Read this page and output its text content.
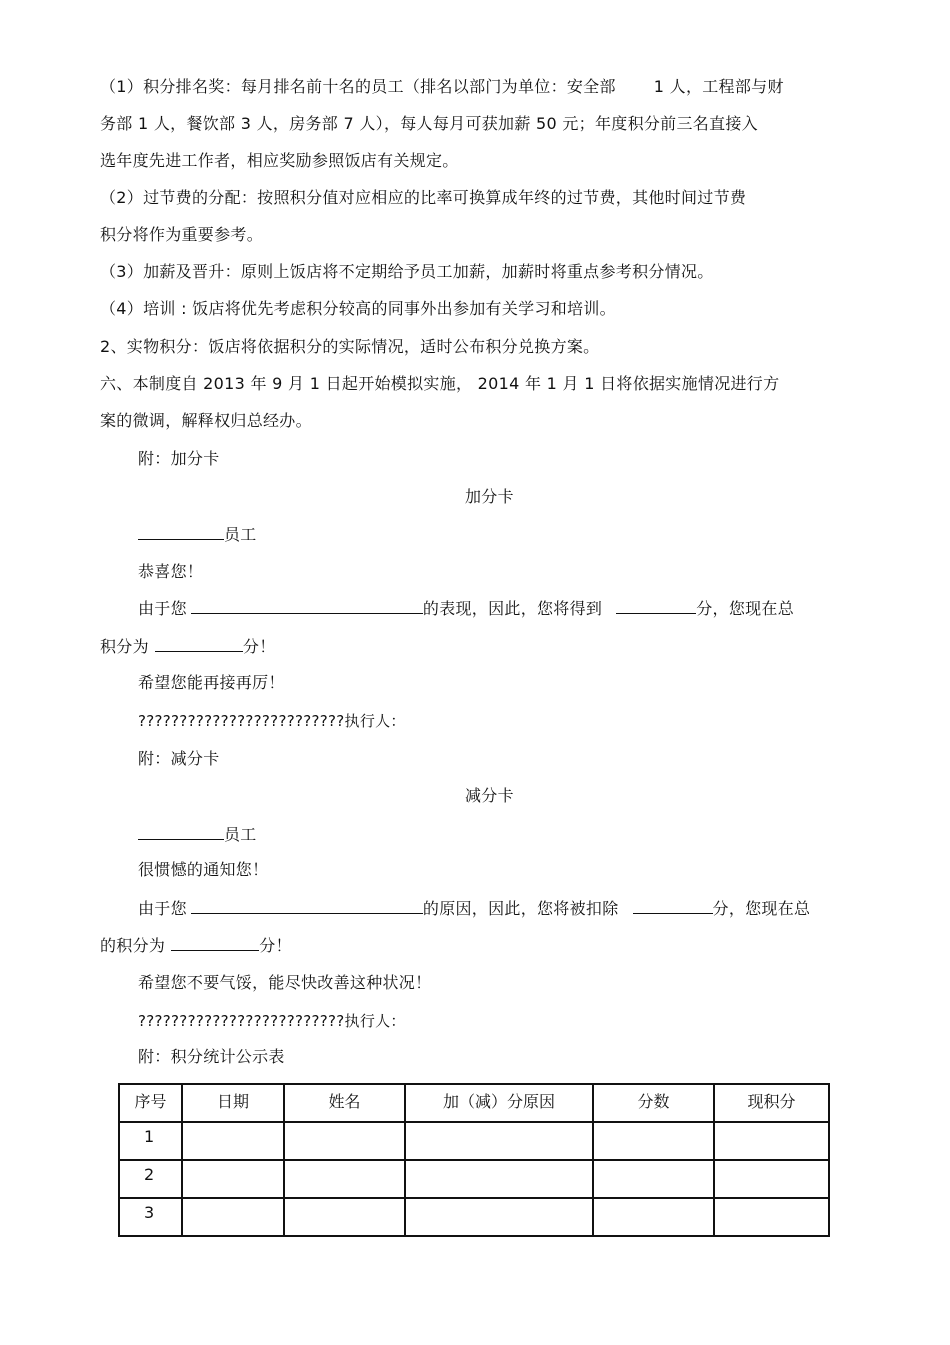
（1）积分排名奖：每月排名前十名的员工（排名以部门为单位：安全部 1 人，工程部与财
务部 1 人，餐饮部 3 人，房务部 7 人），每人每月可获加薪 50 元；年度积分前三名直接入
选年度先进工作者，相应奖励参照饭店有关规定。
（2）过节费的分配：按照积分值对应相应的比率可换算成年终的过节费，其他时间过节费
积分将作为重要参考。
（3）加薪及晋升：原则上饭店将不定期给予员工加薪，加薪时将重点参考积分情况。
（4）培训 : 饭店将优先考虑积分较高的同事外出参加有关学习和培训。
2、实物积分：饭店将依据积分的实际情况，适时公布积分兑换方案。
六、本制度自 2013 年 9 月 1 日起开始模拟实施， 2014 年 1 月 1 日将依据实施情况进行方
案的微调，解释权归总经办。
附：加分卡
加分卡
员工
恭喜您！
由于您	的表现，因此，您将得到	分，您现在总
积分为	分！
希望您能再接再厉！
?????????????????????????执行人：
附：减分卡
减分卡
员工
很惯憾的通知您！
由于您	的原因，因此，您将被扣除	分，您现在总
的积分为	分！
希望您不要气馁，能尽快改善这种状况！
?????????????????????????执行人：
附：积分统计公示表
序号	日期	姓名	加（减）分原因	分数	现积分
1					
2					
3					
